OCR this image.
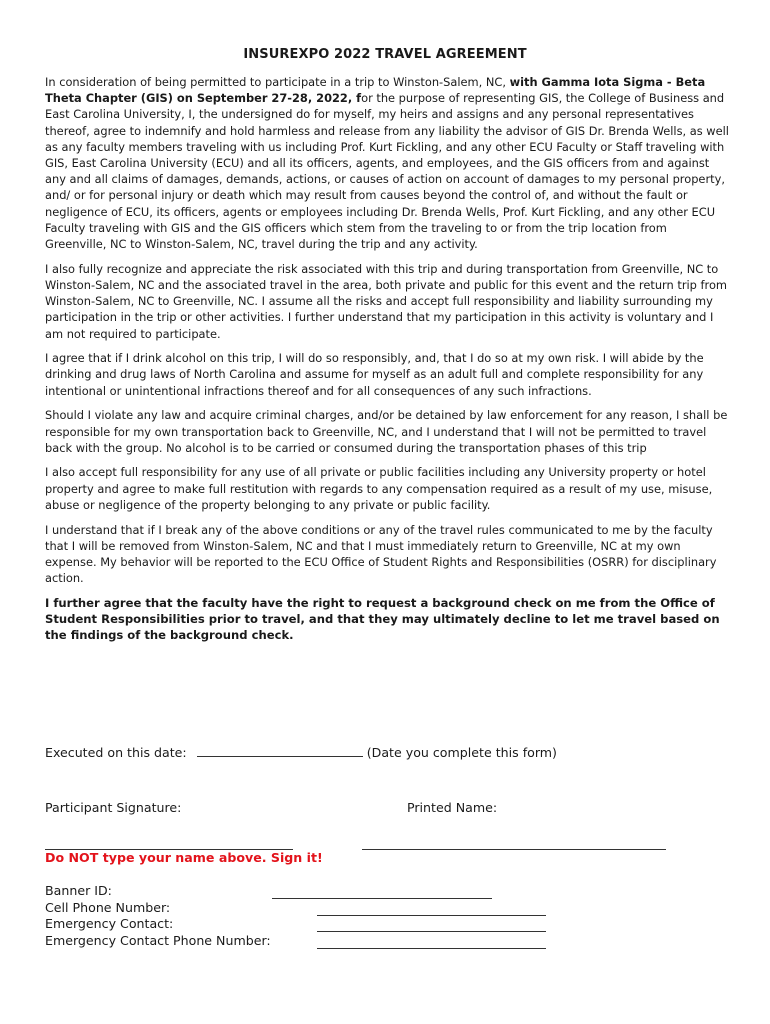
INSUREXPO 2022 TRAVEL AGREEMENT

In consideration of being permitted to participate in a trip to Winston-Salem, NC, with Gamma Iota Sigma - Beta Theta Chapter (GIS) on September 27-28, 2022, for the purpose of representing GIS, the College of Business and East Carolina University, I, the undersigned do for myself, my heirs and assigns and any personal representatives thereof, agree to indemnify and hold harmless and release from any liability the advisor of GIS Dr. Brenda Wells, as well as any faculty members traveling with us including Prof. Kurt Fickling, and any other ECU Faculty or Staff traveling with GIS, East Carolina University (ECU) and all its officers, agents, and employees, and the GIS officers from and against any and all claims of damages, demands, actions, or causes of action on account of damages to my personal property, and/ or for personal injury or death which may result from causes beyond the control of, and without the fault or negligence of ECU, its officers, agents or employees including Dr. Brenda Wells, Prof. Kurt Fickling, and any other ECU Faculty traveling with GIS and the GIS officers which stem from the traveling to or from the trip location from Greenville, NC to Winston-Salem, NC, travel during the trip and any activity.

I also fully recognize and appreciate the risk associated with this trip and during transportation from Greenville, NC to Winston-Salem, NC and the associated travel in the area, both private and public for this event and the return trip from Winston-Salem, NC to Greenville, NC. I assume all the risks and accept full responsibility and liability surrounding my participation in the trip or other activities. I further understand that my participation in this activity is voluntary and I am not required to participate.

I agree that if I drink alcohol on this trip, I will do so responsibly, and, that I do so at my own risk. I will abide by the drinking and drug laws of North Carolina and assume for myself as an adult full and complete responsibility for any intentional or unintentional infractions thereof and for all consequences of any such infractions.

Should I violate any law and acquire criminal charges, and/or be detained by law enforcement for any reason, I shall be responsible for my own transportation back to Greenville, NC, and I understand that I will not be permitted to travel back with the group. No alcohol is to be carried or consumed during the transportation phases of this trip

I also accept full responsibility for any use of all private or public facilities including any University property or hotel property and agree to make full restitution with regards to any compensation required as a result of my use, misuse, abuse or negligence of the property belonging to any private or public facility.

I understand that if I break any of the above conditions or any of the travel rules communicated to me by the faculty that I will be removed from Winston-Salem, NC and that I must immediately return to Greenville, NC at my own expense. My behavior will be reported to the ECU Office of Student Rights and Responsibilities (OSRR) for disciplinary action.

I further agree that the faculty have the right to request a background check on me from the Office of Student Responsibilities prior to travel, and that they may ultimately decline to let me travel based on the findings of the background check.

Executed on this date:	(Date you complete this form)
Participant Signature:	Printed Name:
Do NOT type your name above. Sign it!
Banner ID:
Cell Phone Number:
Emergency Contact:
Emergency Contact Phone Number:
